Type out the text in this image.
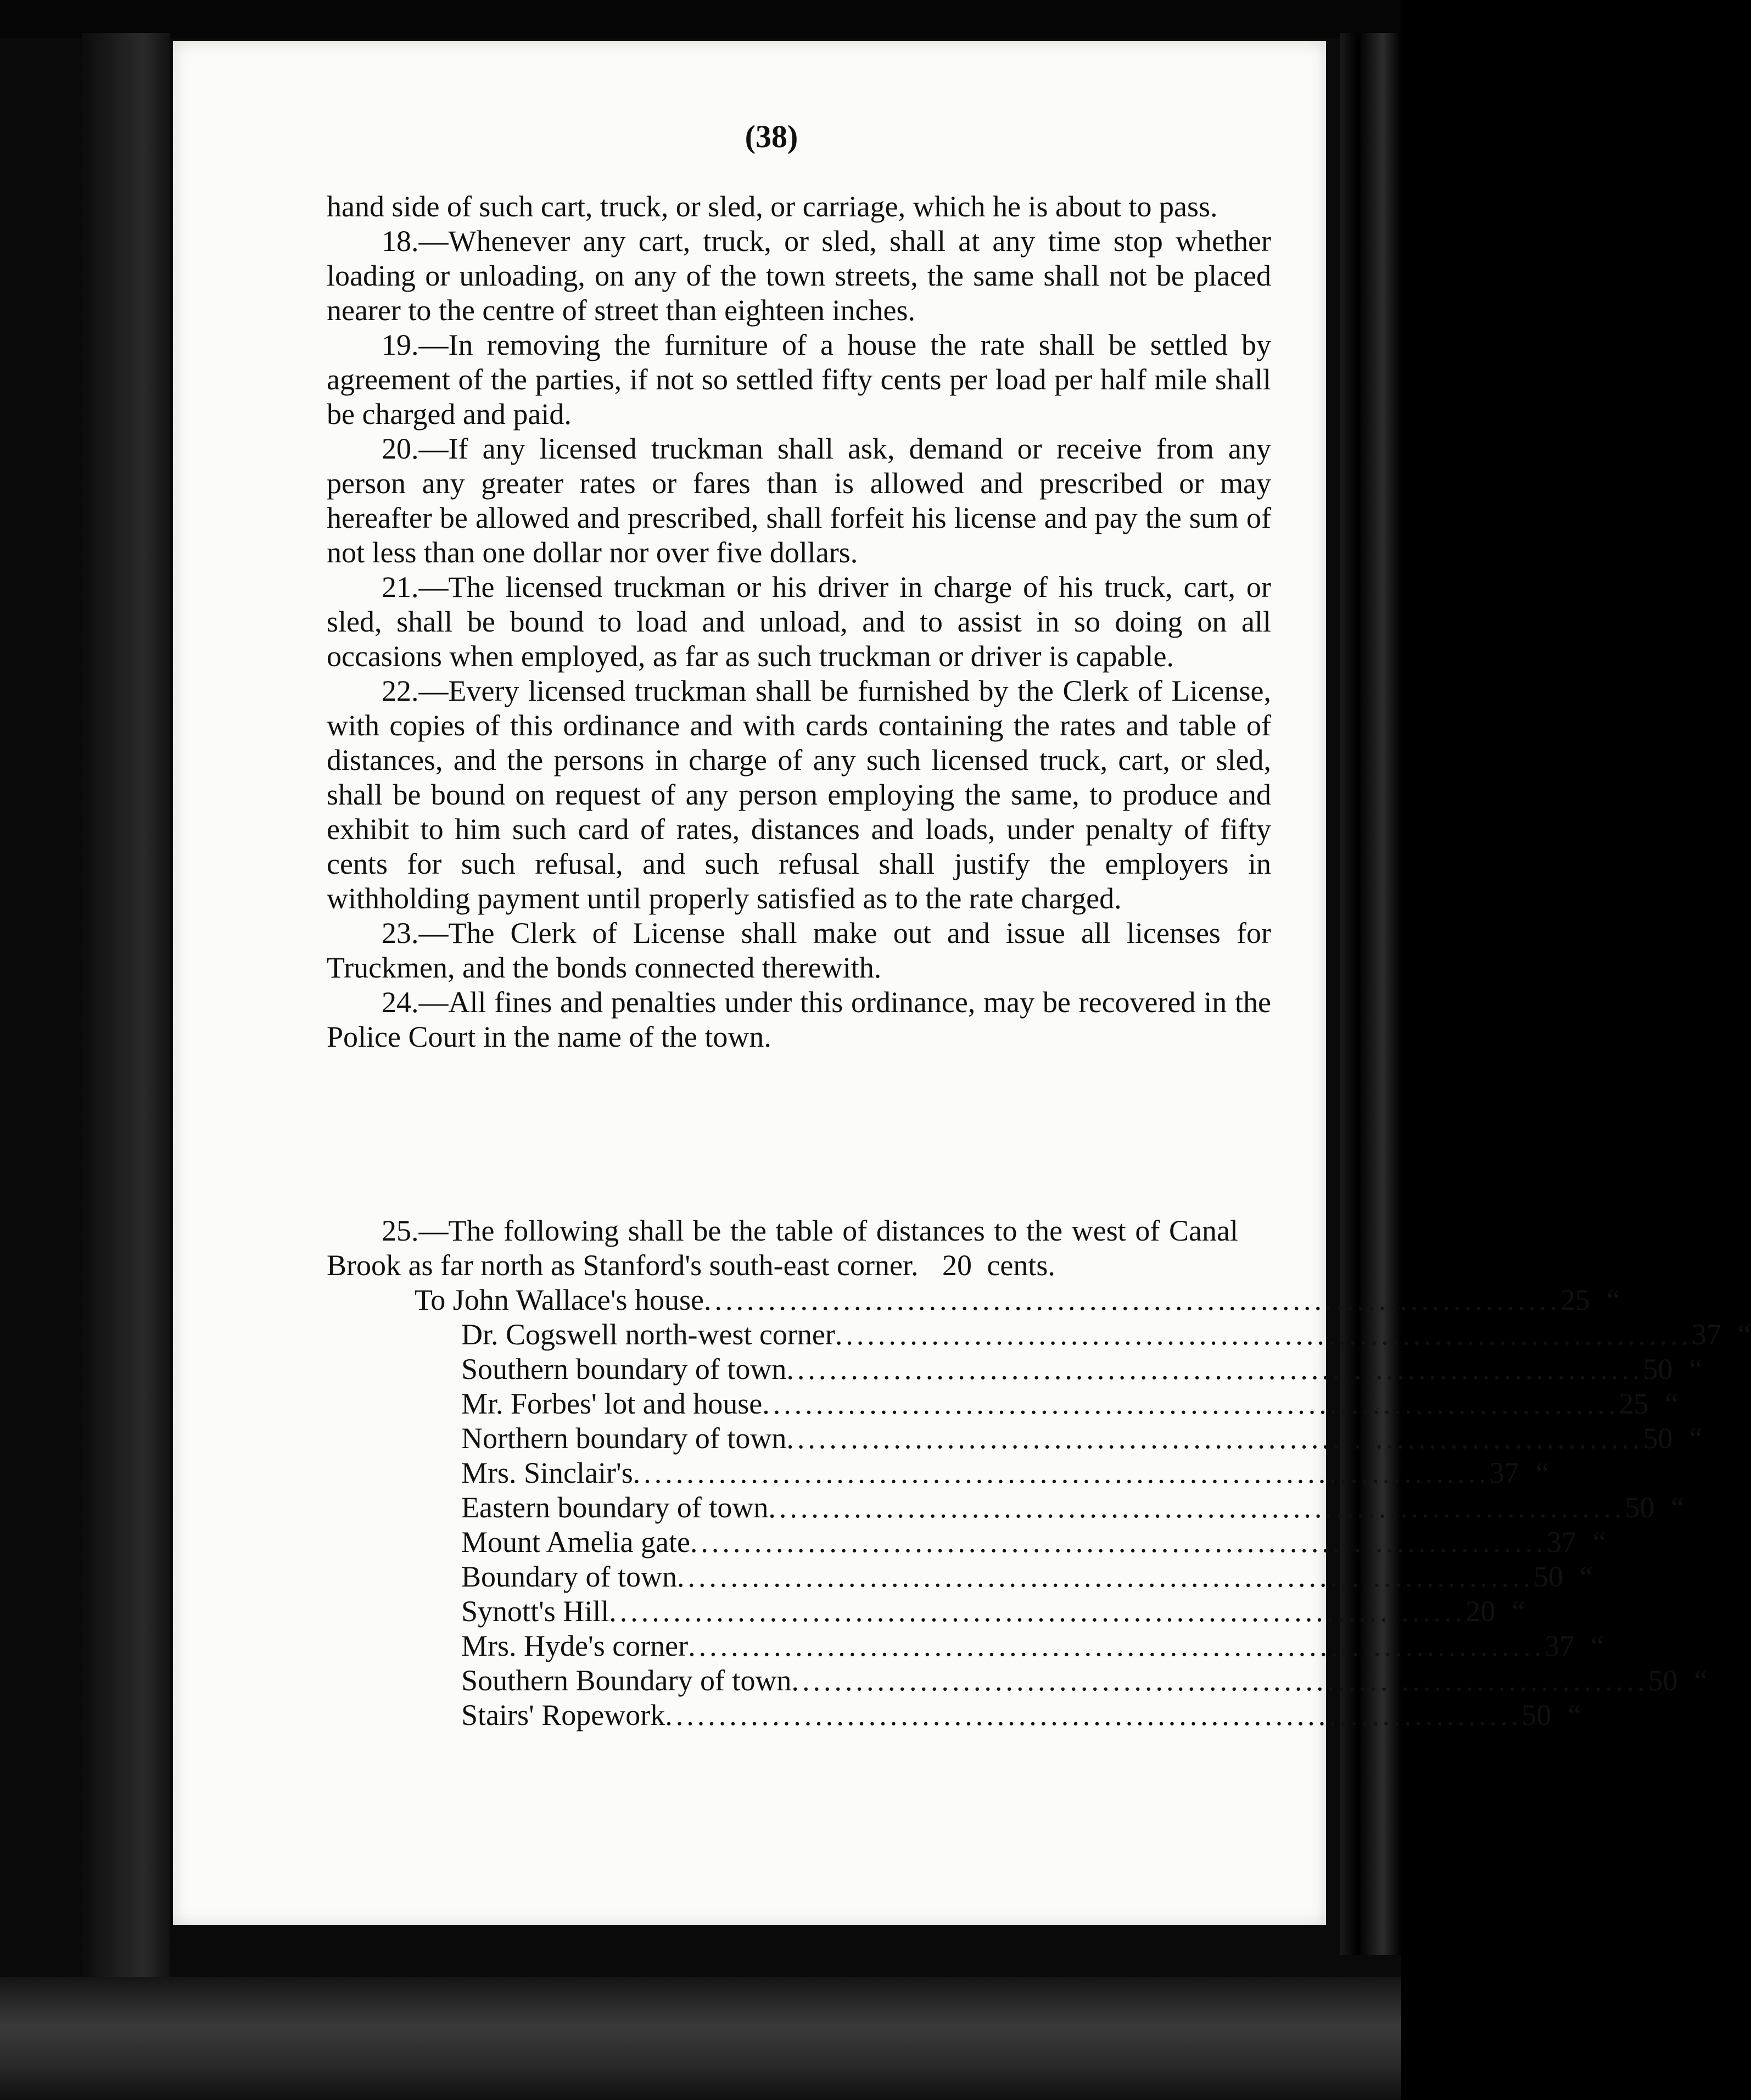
(38)

hand side of such cart, truck, or sled, or carriage, which he is about to pass.

18.—Whenever any cart, truck, or sled, shall at any time stop whether loading or unloading, on any of the town streets, the same shall not be placed nearer to the centre of street than eighteen inches.

19.—In removing the furniture of a house the rate shall be settled by agreement of the parties, if not so settled fifty cents per load per half mile shall be charged and paid.

20.—If any licensed truckman shall ask, demand or receive from any person any greater rates or fares than is allowed and prescribed or may hereafter be allowed and prescribed, shall forfeit his license and pay the sum of not less than one dollar nor over five dollars.

21.—The licensed truckman or his driver in charge of his truck, cart, or sled, shall be bound to load and unload, and to assist in so doing on all occasions when employed, as far as such truckman or driver is capable.

22.—Every licensed truckman shall be furnished by the Clerk of License, with copies of this ordinance and with cards containing the rates and table of distances, and the persons in charge of any such licensed truck, cart, or sled, shall be bound on request of any person employing the same, to produce and exhibit to him such card of rates, distances and loads, under penalty of fifty cents for such refusal, and such refusal shall justify the employers in withholding payment until properly satisfied as to the rate charged.

23.—The Clerk of License shall make out and issue all licenses for Truckmen, and the bonds connected therewith.

24.—All fines and penalties under this ordinance, may be recovered in the Police Court in the name of the town.

25.—The following shall be the table of distances to the west of Canal Brook as far north as Stanford's south-east corner. 20 cents.
To John Wallace's house................................................................................ 25 “
Dr. Cogswell north-west corner................................................................................ 37 “
Southern boundary of town................................................................................ 50 “
Mr. Forbes' lot and house................................................................................ 25 “
Northern boundary of town................................................................................ 50 “
Mrs. Sinclair's................................................................................ 37 “
Eastern boundary of town................................................................................ 50 “
Mount Amelia gate................................................................................ 37 “
Boundary of town................................................................................ 50 “
Synott's Hill................................................................................ 20 “
Mrs. Hyde's corner................................................................................ 37 “
Southern Boundary of town................................................................................ 50 “
Stairs' Ropework................................................................................ 50 “
